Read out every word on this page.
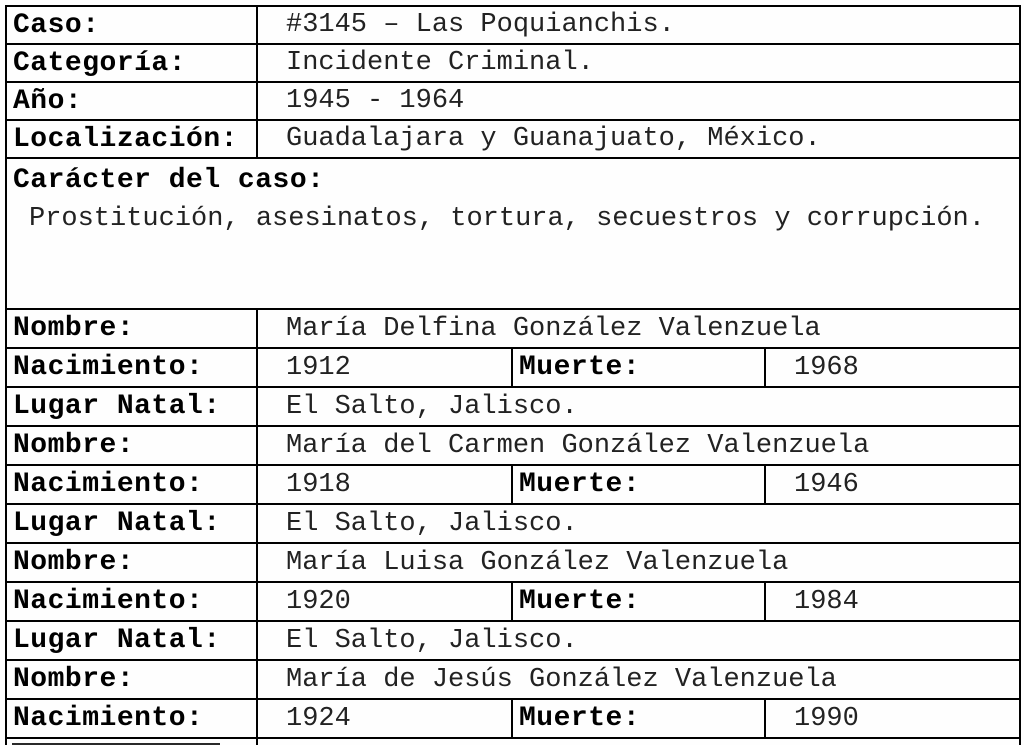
Caso:	#3145 – Las Poquianchis.
Categoría:	Incidente Criminal.
Año:	1945 - 1964
Localización: Guadalajara y Guanajuato, México.
Carácter del caso:
Prostitución, asesinatos, tortura, secuestros y corrupción.
Nombre:	María Delfina González Valenzuela
Nacimiento:	1912	Muerte:	1968
Lugar Natal: El Salto, Jalisco.
Nombre:	María del Carmen González Valenzuela
Nacimiento:	1918	Muerte:	1946
Lugar Natal: El Salto, Jalisco.
Nombre:	María Luisa González Valenzuela
Nacimiento:	1920	Muerte:	1984
Lugar Natal: El Salto, Jalisco.
Nombre:	María de Jesús González Valenzuela
Nacimiento:	1924	Muerte:	1990
